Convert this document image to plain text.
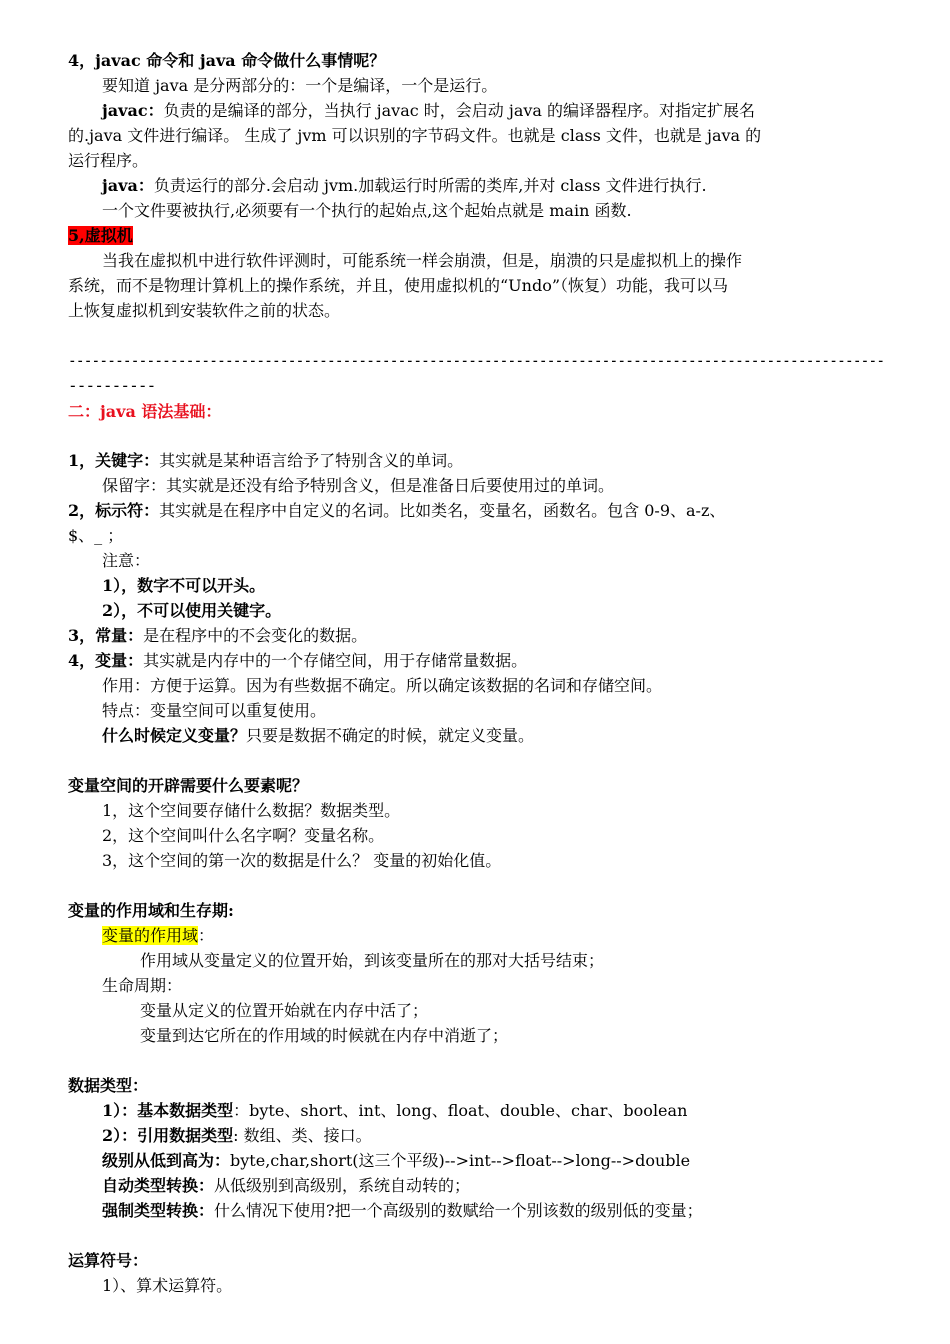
4，javac 命令和 java 命令做什么事情呢？
要知道 java 是分两部分的：一个是编译，一个是运行。
javac：负责的是编译的部分，当执行 javac 时，会启动 java 的编译器程序。对指定扩展名
的.java 文件进行编译。 生成了 jvm 可以识别的字节码文件。也就是 class 文件，也就是 java 的
运行程序。
java：负责运行的部分.会启动 jvm.加载运行时所需的类库,并对 class 文件进行执行.
一个文件要被执行,必须要有一个执行的起始点,这个起始点就是 main 函数.
5,虚拟机
当我在虚拟机中进行软件评测时，可能系统一样会崩溃，但是，崩溃的只是虚拟机上的操作
系统，而不是物理计算机上的操作系统，并且，使用虚拟机的“Undo”（恢复）功能，我可以马
上恢复虚拟机到安装软件之前的状态。
--------------------------------------------------------------------------------------------------------
----------
二：java 语法基础：
1，关键字：其实就是某种语言给予了特别含义的单词。
保留字：其实就是还没有给予特别含义，但是准备日后要使用过的单词。
2，标示符：其实就是在程序中自定义的名词。比如类名，变量名，函数名。包含 0-9、a-z、
$、_ ；
注意：
1），数字不可以开头。
2），不可以使用关键字。
3，常量：是在程序中的不会变化的数据。
4，变量：其实就是内存中的一个存储空间，用于存储常量数据。
作用：方便于运算。因为有些数据不确定。所以确定该数据的名词和存储空间。
特点：变量空间可以重复使用。
什么时候定义变量？只要是数据不确定的时候，就定义变量。
变量空间的开辟需要什么要素呢？
1，这个空间要存储什么数据？数据类型。
2，这个空间叫什么名字啊？变量名称。
3，这个空间的第一次的数据是什么？ 变量的初始化值。
变量的作用域和生存期:
变量的作用域：
作用域从变量定义的位置开始，到该变量所在的那对大括号结束；
生命周期：
变量从定义的位置开始就在内存中活了；
变量到达它所在的作用域的时候就在内存中消逝了；
数据类型：
1）：基本数据类型：byte、short、int、long、float、double、char、boolean
2）：引用数据类型: 数组、类、接口。
级别从低到高为：byte,char,short(这三个平级)-->int-->float-->long-->double
自动类型转换：从低级别到高级别，系统自动转的；
强制类型转换：什么情况下使用?把一个高级别的数赋给一个别该数的级别低的变量；
运算符号：
1）、算术运算符。
